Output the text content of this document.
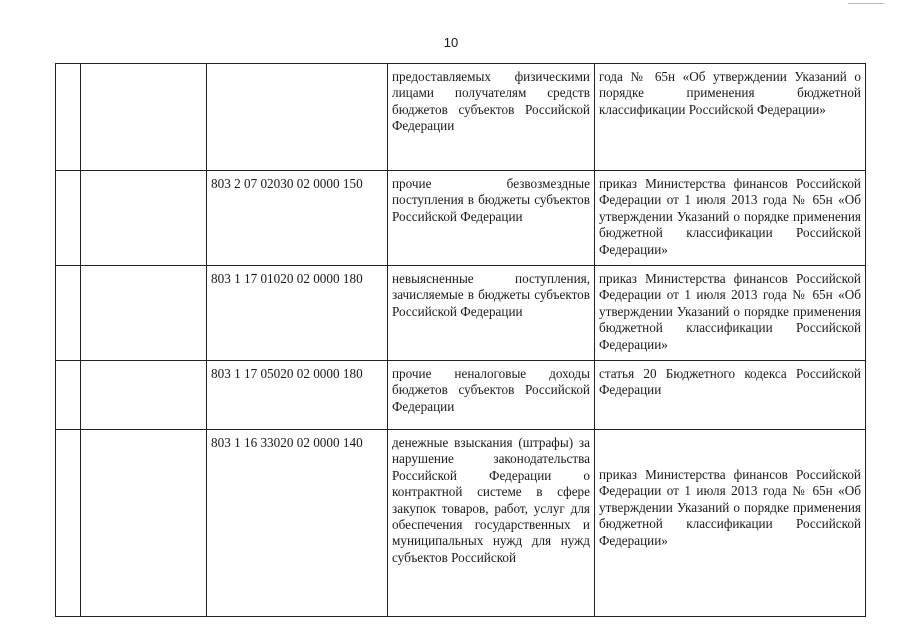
10
			предоставляемых физическими лицами получателям средств бюджетов субъектов Российской Федерации	года № 65н «Об утверждении Указаний о порядке применения бюджетной классификации Российской Федерации»
		803 2 07 02030 02 0000 150	прочие безвозмездные поступления в бюджеты субъектов Российской Федерации	приказ Министерства финансов Российской Федерации от 1 июля 2013 года № 65н «Об утверждении Указаний о порядке применения бюджетной классификации Российской Федерации»
		803 1 17 01020 02 0000 180	невыясненные поступления, зачисляемые в бюджеты субъектов Российской Федерации	приказ Министерства финансов Российской Федерации от 1 июля 2013 года № 65н «Об утверждении Указаний о порядке применения бюджетной классификации Российской Федерации»
		803 1 17 05020 02 0000 180	прочие неналоговые доходы бюджетов субъектов Российской Федерации	статья 20 Бюджетного кодекса Российской Федерации
		803 1 16 33020 02 0000 140	денежные взыскания (штрафы) за нарушение законодательства Российской Федерации о контрактной системе в сфере закупок товаров, работ, услуг для обеспечения государственных и муниципальных нужд для нужд субъектов Российской	приказ Министерства финансов Российской Федерации от 1 июля 2013 года № 65н «Об утверждении Указаний о порядке применения бюджетной классификации Российской Федерации»
